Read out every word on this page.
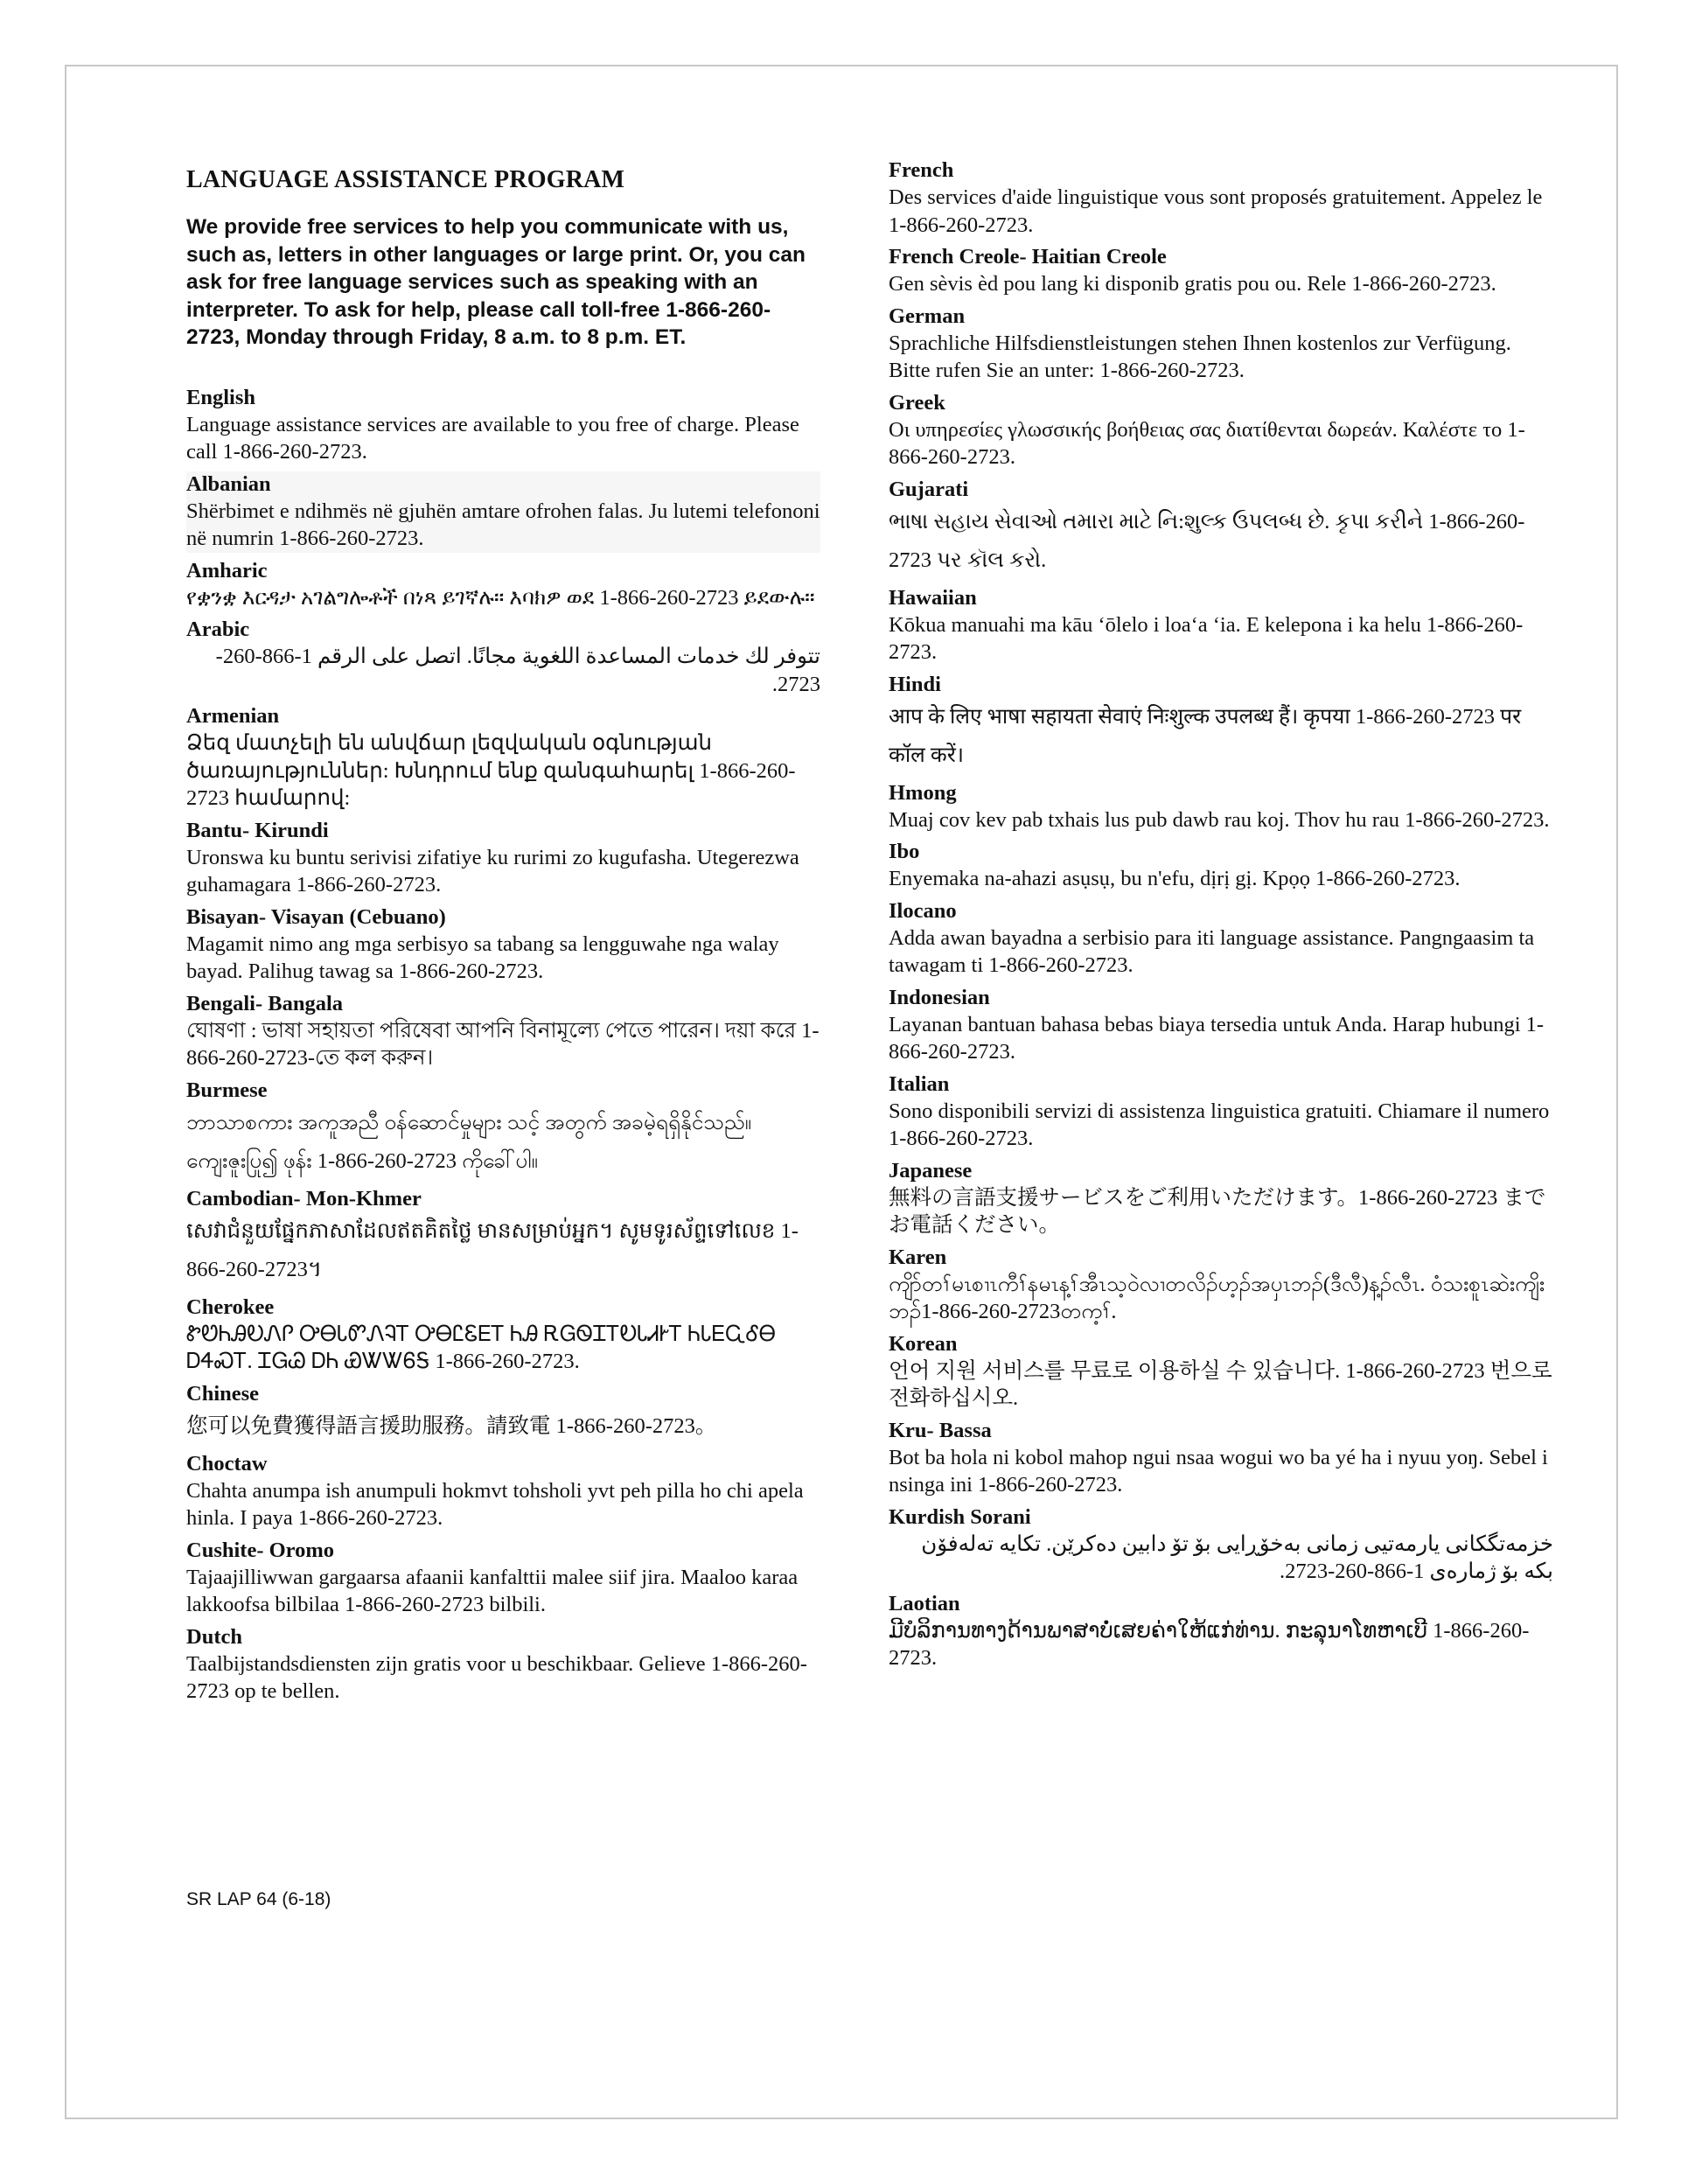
LANGUAGE ASSISTANCE PROGRAM
We provide free services to help you communicate with us, such as, letters in other languages or large print. Or, you can ask for free language services such as speaking with an interpreter. To ask for help, please call toll-free 1-866-260-2723, Monday through Friday, 8 a.m. to 8 p.m. ET.
English
Language assistance services are available to you free of charge. Please call 1-866-260-2723.
Albanian
Shërbimet e ndihmës në gjuhën amtare ofrohen falas. Ju lutemi telefononi në numrin 1-866-260-2723.
Amharic
የቋንቋ እርዳታ አገልግሎቶች በነጻ ይገኛሉ። እባክዎ ወደ 1-866-260-2723 ይደውሉ።
Arabic
تتوفر لك خدمات المساعدة اللغوية مجانًا. اتصل على الرقم 1-866-260-2723.
Armenian
Ձեզ մատչելի են անվճար լեզվական օգնության ծառայություններ: Խնդրում ենք զանգահարել 1-866-260-2723 համարով:
Bantu- Kirundi
Uronswa ku buntu serivisi zifatiye ku rurimi zo kugufasha. Utegerezwa guhamagara 1-866-260-2723.
Bisayan- Visayan (Cebuano)
Magamit nimo ang mga serbisyo sa tabang sa lengguwahe nga walay bayad. Palihug tawag sa 1-866-260-2723.
Bengali- Bangala
ঘোষণা : ভাষা সহায়তা পরিষেবা আপনি বিনামূল্যে পেতে পারেন। দয়া করে 1-866-260-2723-তে কল করুন।
Burmese
ဘာသာစကား အကူအညီ ဝန်ဆောင်မှုများ သင့် အတွက် အခမဲ့ရရှိနိုင်သည်။ ကျေးဇူးပြု၍ ဖုန်း 1-866-260-2723 ကိုခေါ်ပါ။
Cambodian- Mon-Khmer
សេវាជំនួយផ្នែកភាសាដែលឥតគិតថ្លៃ មានសម្រាប់អ្នក។ សូមទូរស័ព្ទទៅលេខ 1-866-260-2723។
Cherokee
ᏑᏬᏂᎯᎧᏁᎵ ᎤᎾᏓᏛᏁᎸᎢ ᎤᎾᏝᏋᎬᎢ ᏂᎯ ᎡᏀᏫᏆᎢᎧᏓᏗᎨᎢ ᏂᏓᎬᏩᎴᎾ ᎠᏎᏍᎢ. ᏆᏀᏊ ᎠᏂ ᏯᏔᏔᏮᎦ 1-866-260-2723.
Chinese
您可以免費獲得語言援助服務。請致電 1-866-260-2723。
Choctaw
Chahta anumpa ish anumpuli hokmvt tohsholi yvt peh pilla ho chi apela hinla. I paya 1-866-260-2723.
Cushite- Oromo
Tajaajilliwwan gargaarsa afaanii kanfalttii malee siif jira. Maaloo karaa lakkoofsa bilbilaa 1-866-260-2723 bilbili.
Dutch
Taalbijstandsdiensten zijn gratis voor u beschikbaar. Gelieve 1-866-260-2723 op te bellen.
French
Des services d'aide linguistique vous sont proposés gratuitement. Appelez le 1-866-260-2723.
French Creole- Haitian Creole
Gen sèvis èd pou lang ki disponib gratis pou ou. Rele 1-866-260-2723.
German
Sprachliche Hilfsdienstleistungen stehen Ihnen kostenlos zur Verfügung. Bitte rufen Sie an unter: 1-866-260-2723.
Greek
Οι υπηρεσίες γλωσσικής βοήθειας σας διατίθενται δωρεάν. Καλέστε το 1-866-260-2723.
Gujarati
ભાષા સહાય સેવાઓ તમારા માટે નિ:શુલ્ક ઉપલબ્ધ છે. કૃપા કરીને 1-866-260-2723 પર કૉલ કરો.
Hawaiian
Kōkua manuahi ma kāu ʻōlelo i loaʻa ʻia. E kelepona i ka helu 1-866-260-2723.
Hindi
आप के लिए भाषा सहायता सेवाएं निःशुल्क उपलब्ध हैं। कृपया 1-866-260-2723 पर कॉल करें।
Hmong
Muaj cov kev pab txhais lus pub dawb rau koj. Thov hu rau 1-866-260-2723.
Ibo
Enyemaka na-ahazi asụsụ, bu n'efu, dịrị gị. Kpọọ 1-866-260-2723.
Ilocano
Adda awan bayadna a serbisio para iti language assistance. Pangngaasim ta tawagam ti 1-866-260-2723.
Indonesian
Layanan bantuan bahasa bebas biaya tersedia untuk Anda. Harap hubungi 1-866-260-2723.
Italian
Sono disponibili servizi di assistenza linguistica gratuiti. Chiamare il numero 1-866-260-2723.
Japanese
無料の言語支援サービスをご利用いただけます。1-866-260-2723 までお電話ください。
Karen
ကျိာ်တၢ်မၤစၢၤကီၢ်နမၤန့ၢ်အီၤသ့ဝဲလၢတလိၣ်ဟ့ၣ်အပှၤဘၣ်(ဒီလီ)န့ၣ်လီၤ. ဝံသးစူၤဆဲးကျိးဘၣ်1-866-260-2723တက့ၢ်.
Korean
언어 지원 서비스를 무료로 이용하실 수 있습니다. 1-866-260-2723 번으로 전화하십시오.
Kru- Bassa
Bot ba hola ni kobol mahop ngui nsaa wogui wo ba yé ha i nyuu yoŋ. Sebel i nsinga ini 1-866-260-2723.
Kurdish Sorani
خزمەتگکانی یارمەتیی زمانی بەخۆڕایی بۆ تۆ دابین دەکرێن. تکایە تەلەفۆن بکە بۆ ژمارەی 1-866-260-2723.
Laotian
ມີບໍລິການທາງດ້ານພາສາບໍ່ເສຍຄ່າໃຫ້ແກ່ທ່ານ. ກະລຸນາໂທຫາເບີ 1-866-260-2723.
SR LAP 64 (6-18)
